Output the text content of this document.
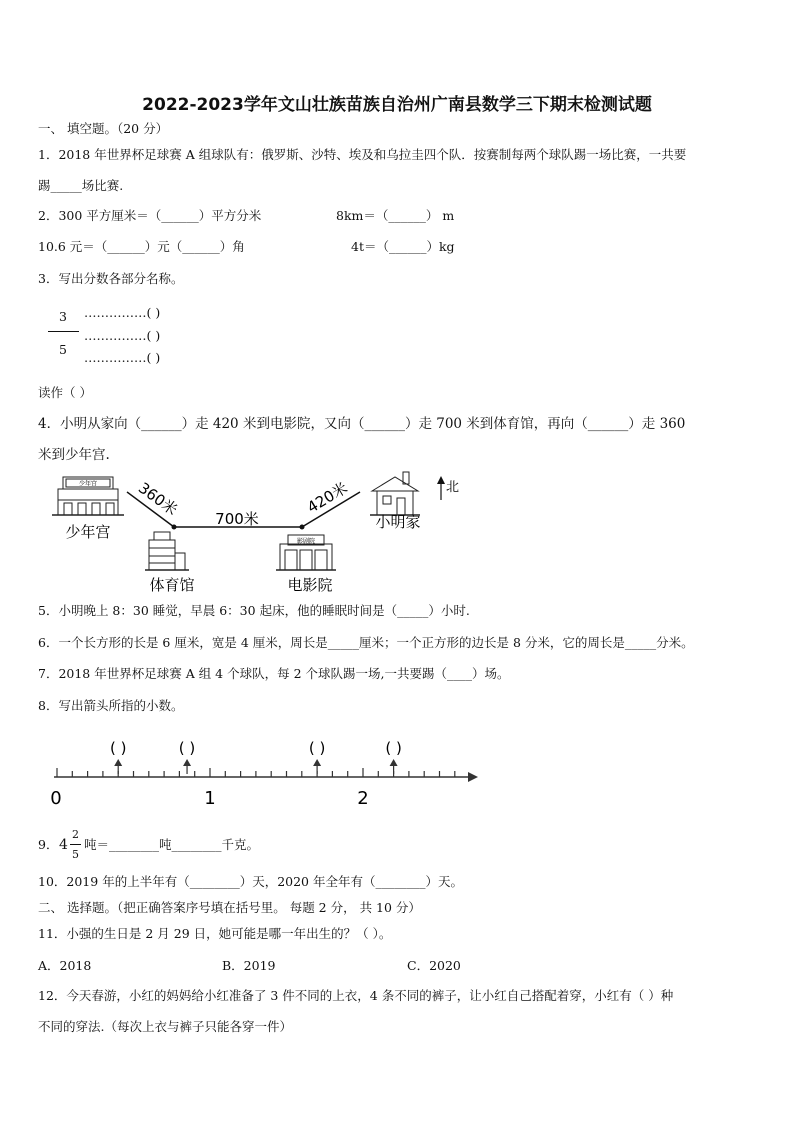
2022-2023学年文山壮族苗族自治州广南县数学三下期末检测试题
一、 填空题。（20 分）
1．2018 年世界杯足球赛 A 组球队有：俄罗斯、沙特、埃及和乌拉圭四个队．按赛制每两个球队踢一场比赛，一共要
踢_____场比赛.
2．300 平方厘米＝（______）平方分米	8km＝（______） m
10.6 元＝（______）元（______）角	4t＝（______）kg
3．写出分数各部分名称。
3
5
……………( )
……………( )
……………( )
读作（ ）
4．小明从家向（______）走 420 米到电影院，又向（______）走 700 米到体育馆，再向（______）走 360
米到少年宫.
少年宫	360米 700米
420米	北
影剧院
少年宫
体育馆	电影院
小明家
5．小明晚上 8：30 睡觉，早晨 6：30 起床，他的睡眠时间是（_____）小时.
6．一个长方形的长是 6 厘米，宽是 4 厘米，周长是_____厘米；一个正方形的边长是 8 分米，它的周长是_____分米。
7．2018 年世界杯足球赛 A 组 4 个球队，每 2 个球队踢一场,一共要踢（____）场。
8．写出箭头所指的小数。
0	1	2
( )	( )	( )	( )
9． 4
2
5
吨＝________吨________千克。
10．2019 年的上半年有（________）天，2020 年全年有（________）天。
二、 选择题。（把正确答案序号填在括号里。 每题 2 分， 共 10 分）
11．小强的生日是 2 月 29 日，她可能是哪一年出生的？（ ）。
A．2018	B．2019	C．2020
12．今天春游，小红的妈妈给小红准备了 3 件不同的上衣，4 条不同的裤子，让小红自己搭配着穿，小红有（ ）种
不同的穿法.（每次上衣与裤子只能各穿一件）
